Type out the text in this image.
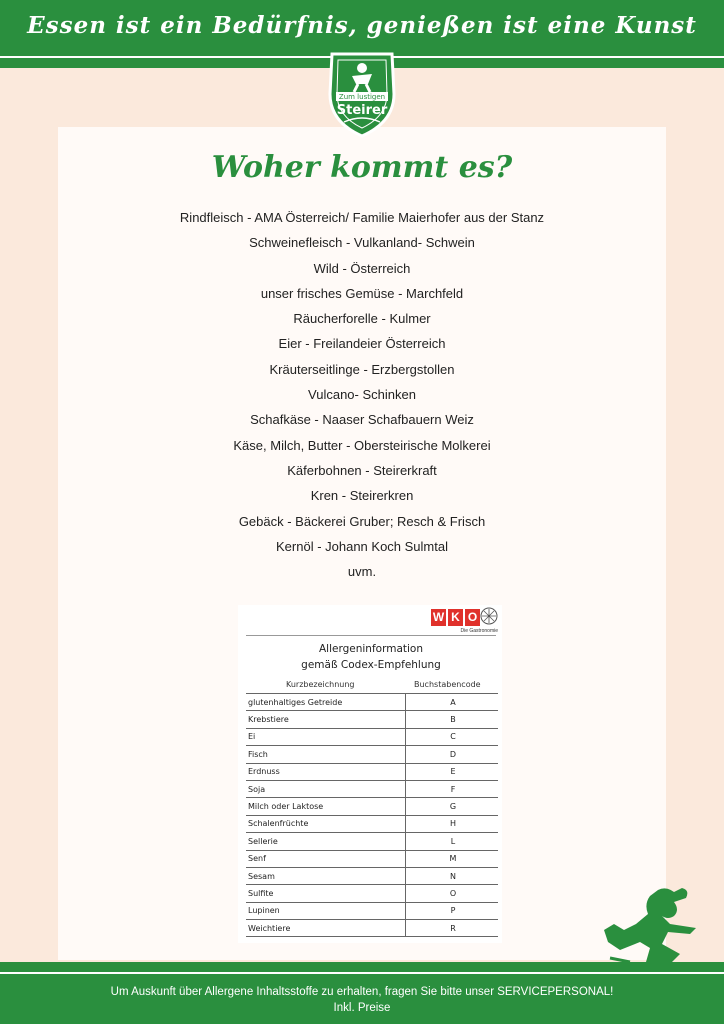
Essen ist ein Bedürfnis, genießen ist eine Kunst
Zum lustigen
Steirer
Woher kommt es?
Rindfleisch - AMA Österreich/ Familie Maierhofer aus der Stanz
Schweinefleisch - Vulkanland- Schwein
Wild - Österreich
unser frisches Gemüse - Marchfeld
Räucherforelle - Kulmer
Eier - Freilandeier Österreich
Kräuterseitlinge - Erzbergstollen
Vulcano- Schinken
Schafkäse - Naaser Schafbauern Weiz
Käse, Milch, Butter - Obersteirische Molkerei
Käferbohnen - Steirerkraft
Kren - Steirerkren
Gebäck - Bäckerei Gruber; Resch & Frisch
Kernöl - Johann Koch Sulmtal
uvm.
W K O
Die Gastronomie
Allergeninformation
gemäß Codex-Empfehlung
Kurzbezeichnung	Buchstabencode
glutenhaltiges Getreide	A
Krebstiere	B
Ei	C
Fisch	D
Erdnuss	E
Soja	F
Milch oder Laktose	G
Schalenfrüchte	H
Sellerie	L
Senf	M
Sesam	N
Sulfite	O
Lupinen	P
Weichtiere	R
Um Auskunft über Allergene Inhaltsstoffe zu erhalten, fragen Sie bitte unser SERVICEPERSONAL!
Inkl. Preise
